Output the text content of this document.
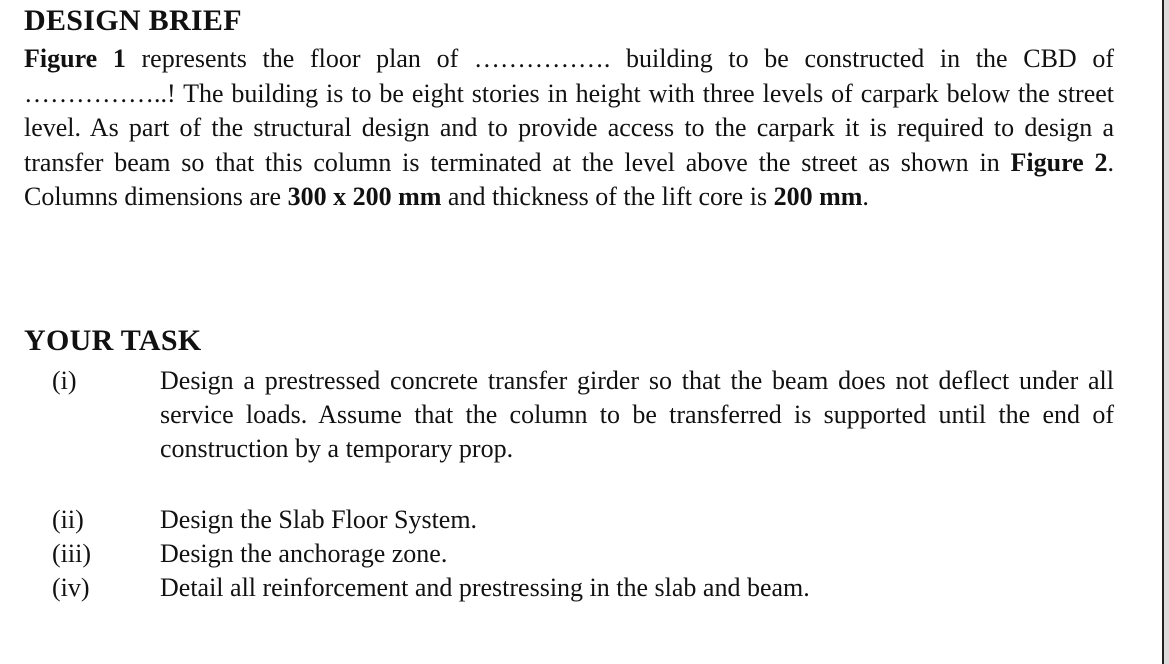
DESIGN BRIEF

Figure 1 represents the floor plan of ……………. building to be constructed in the CBD of ……………..! The building is to be eight stories in height with three levels of carpark below the street level. As part of the structural design and to provide access to the carpark it is required to design a transfer beam so that this column is terminated at the level above the street as shown in Figure 2. Columns dimensions are 300 x 200 mm and thickness of the lift core is 200 mm.

YOUR TASK
(i)	Design a prestressed concrete transfer girder so that the beam does not deflect under all service loads. Assume that the column to be transferred is supported until the end of construction by a temporary prop.
(ii)	Design the Slab Floor System.
(iii)	Design the anchorage zone.
(iv)	Detail all reinforcement and prestressing in the slab and beam.
